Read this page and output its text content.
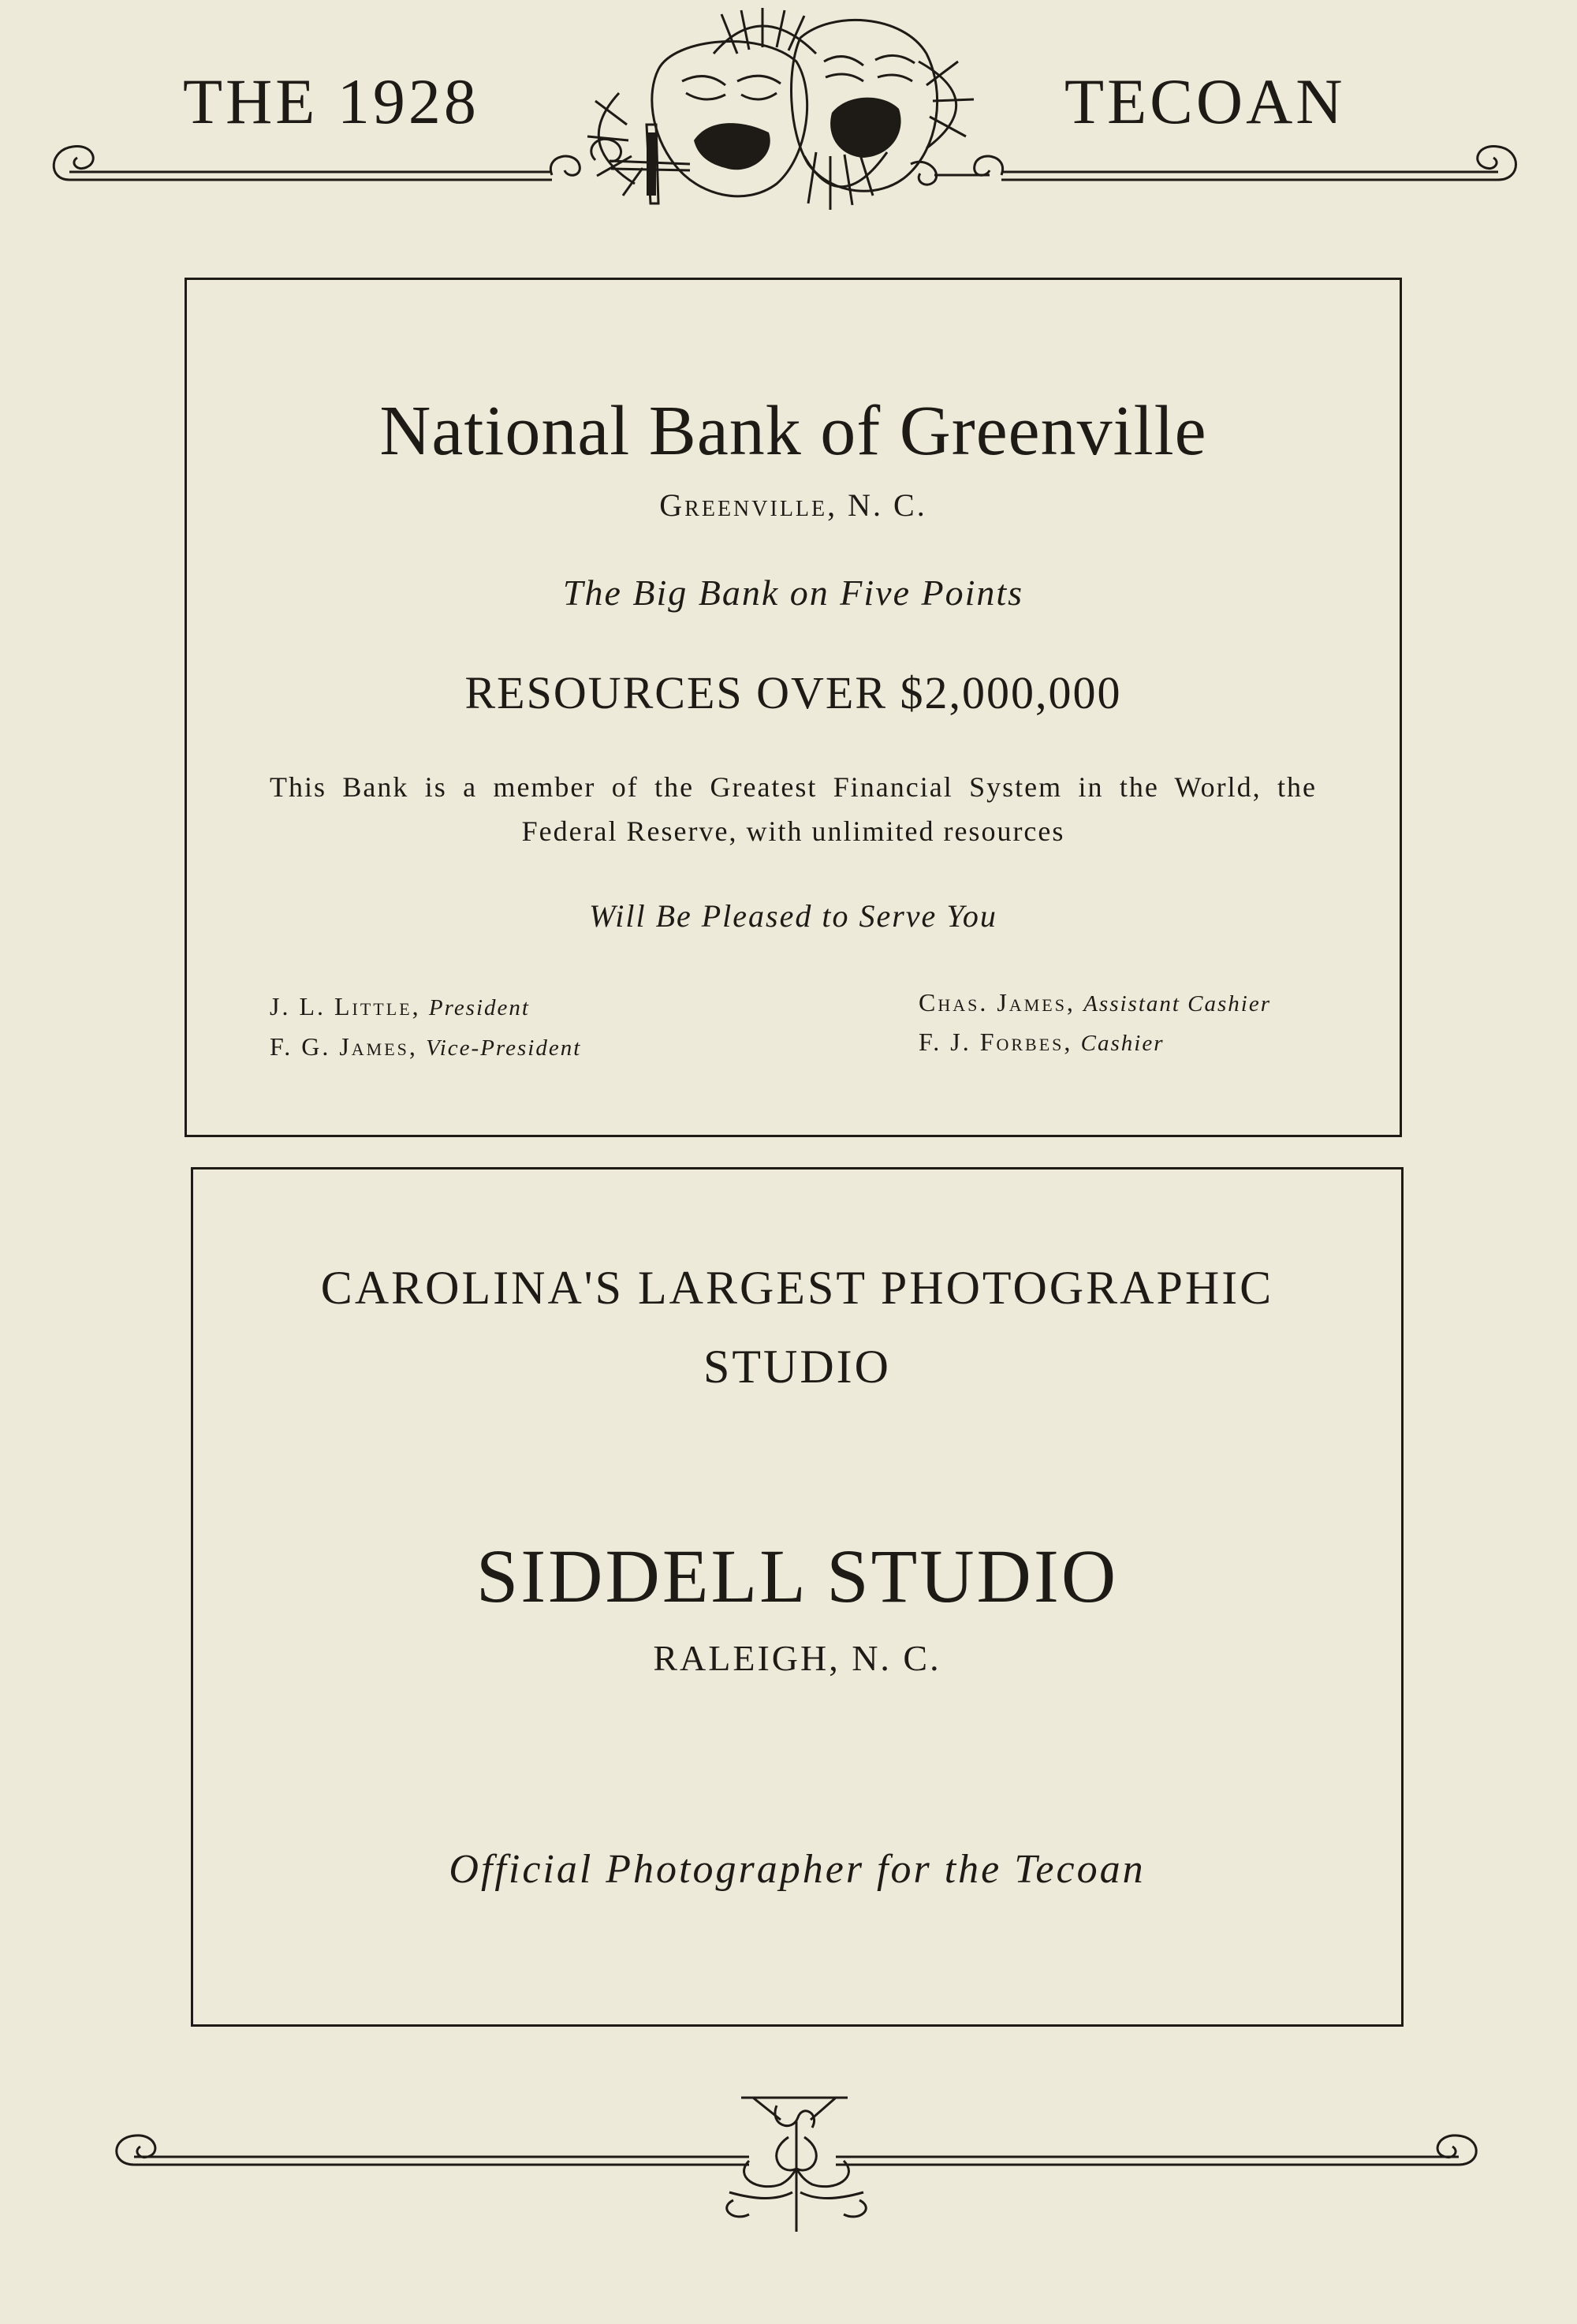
THE 1928	TECOAN
National Bank of Greenville
Greenville, N. C.
The Big Bank on Five Points
RESOURCES OVER $2,000,000
This Bank is a member of the Greatest Financial System in the World, the Federal Reserve, with unlimited resources
Will Be Pleased to Serve You
J. L. Little, President
F. G. James, Vice-President
Chas. James, Assistant Cashier
F. J. Forbes, Cashier
CAROLINA'S LARGEST PHOTOGRAPHIC
STUDIO
SIDDELL STUDIO
RALEIGH, N. C.
Official Photographer for the Tecoan
